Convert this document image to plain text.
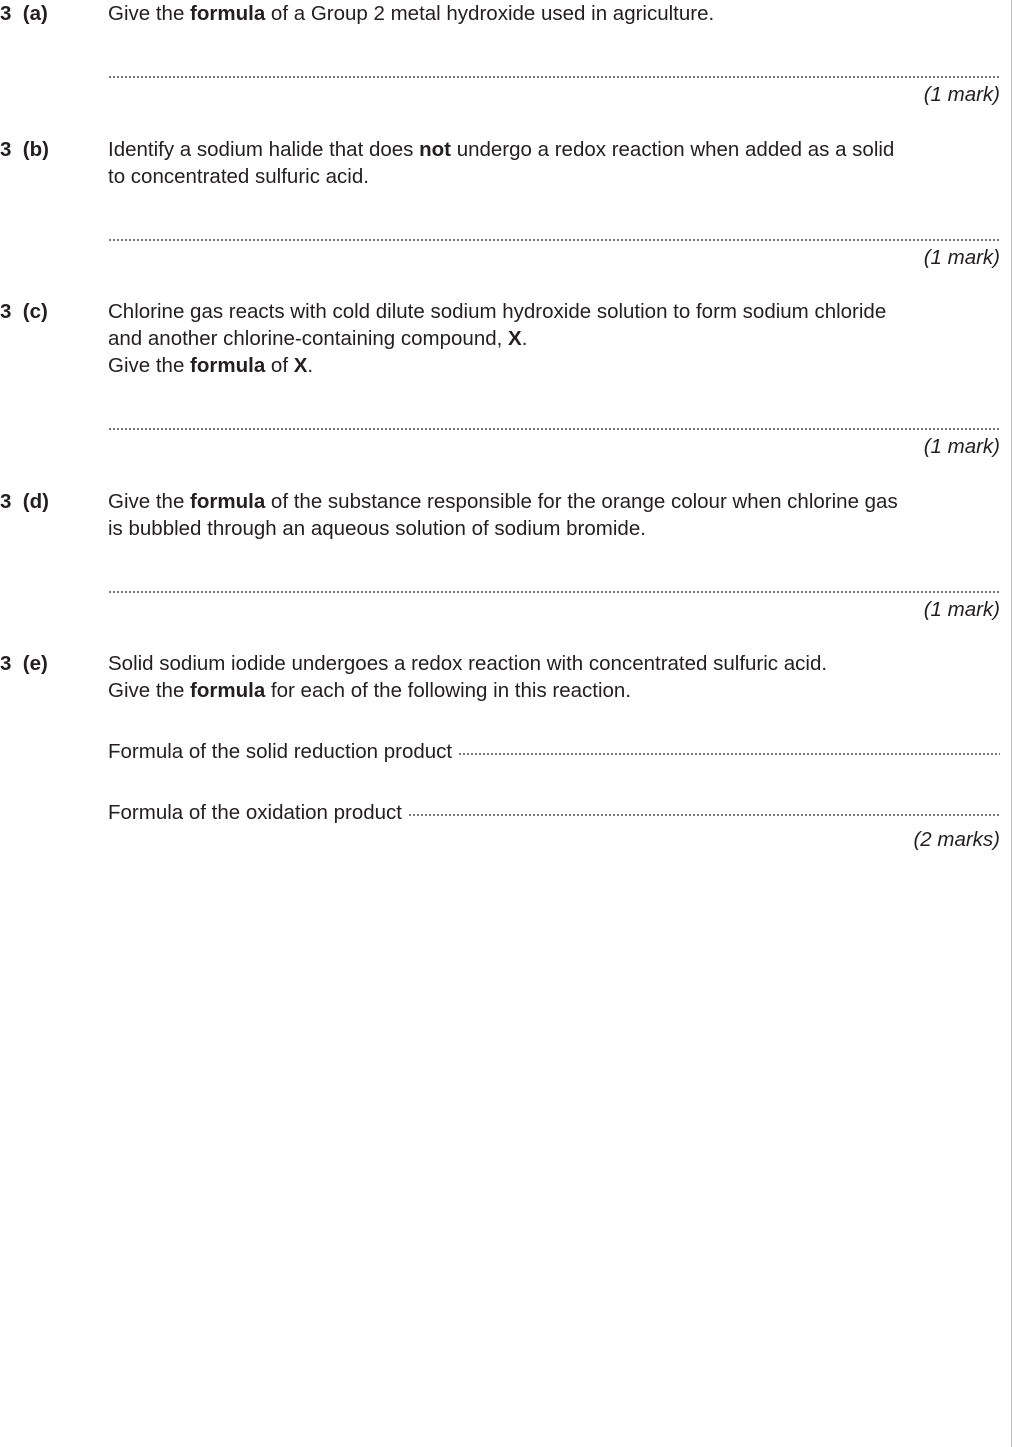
3  (a)	Give the formula of a Group 2 metal hydroxide used in agriculture.
(1 mark)
3  (b)	Identify a sodium halide that does not undergo a redox reaction when added as a solid
to concentrated sulfuric acid.
(1 mark)
3  (c)	Chlorine gas reacts with cold dilute sodium hydroxide solution to form sodium chloride
and another chlorine-containing compound, X.
Give the formula of X.
(1 mark)
3  (d)	Give the formula of the substance responsible for the orange colour when chlorine gas
is bubbled through an aqueous solution of sodium bromide.
(1 mark)
3  (e)	Solid sodium iodide undergoes a redox reaction with concentrated sulfuric acid.
Give the formula for each of the following in this reaction.
Formula of the solid reduction product
Formula of the oxidation product
(2 marks)
